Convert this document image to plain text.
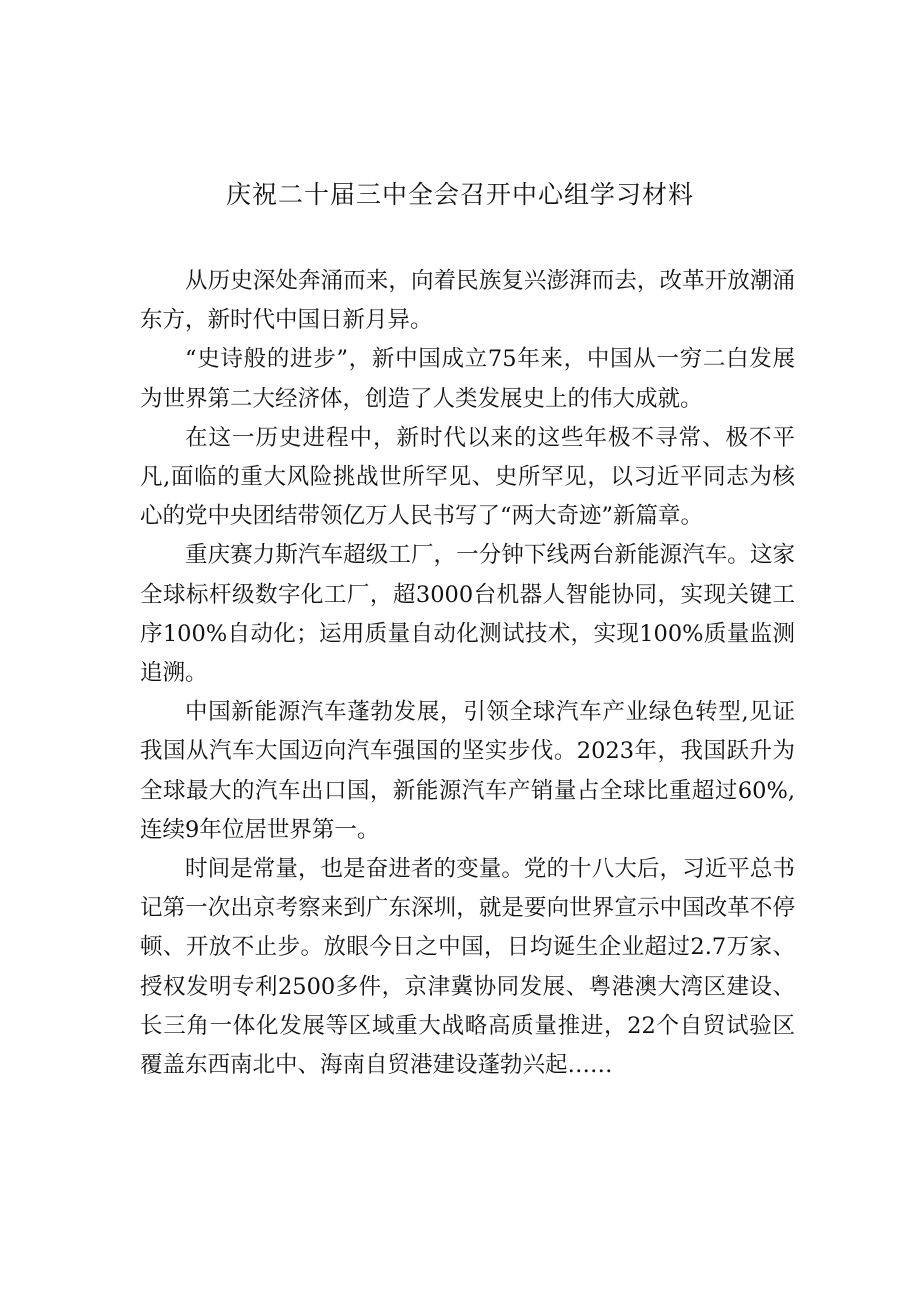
庆祝二十届三中全会召开中心组学习材料

从历史深处奔涌而来，向着民族复兴澎湃而去，改革开放潮涌东方，新时代中国日新月异。

“史诗般的进步”，新中国成立75年来，中国从一穷二白发展为世界第二大经济体，创造了人类发展史上的伟大成就。

在这一历史进程中，新时代以来的这些年极不寻常、极不平凡,面临的重大风险挑战世所罕见、史所罕见，以习近平同志为核心的党中央团结带领亿万人民书写了“两大奇迹”新篇章。

重庆赛力斯汽车超级工厂，一分钟下线两台新能源汽车。这家全球标杆级数字化工厂，超3000台机器人智能协同，实现关键工序100%自动化；运用质量自动化测试技术，实现100%质量监测追溯。

中国新能源汽车蓬勃发展，引领全球汽车产业绿色转型,见证我国从汽车大国迈向汽车强国的坚实步伐。2023年，我国跃升为全球最大的汽车出口国，新能源汽车产销量占全球比重超过60%,连续9年位居世界第一。

时间是常量，也是奋进者的变量。党的十八大后，习近平总书记第一次出京考察来到广东深圳，就是要向世界宣示中国改革不停顿、开放不止步。放眼今日之中国，日均诞生企业超过2.7万家、授权发明专利2500多件，京津冀协同发展、粤港澳大湾区建设、长三角一体化发展等区域重大战略高质量推进，22个自贸试验区覆盖东西南北中、海南自贸港建设蓬勃兴起……
